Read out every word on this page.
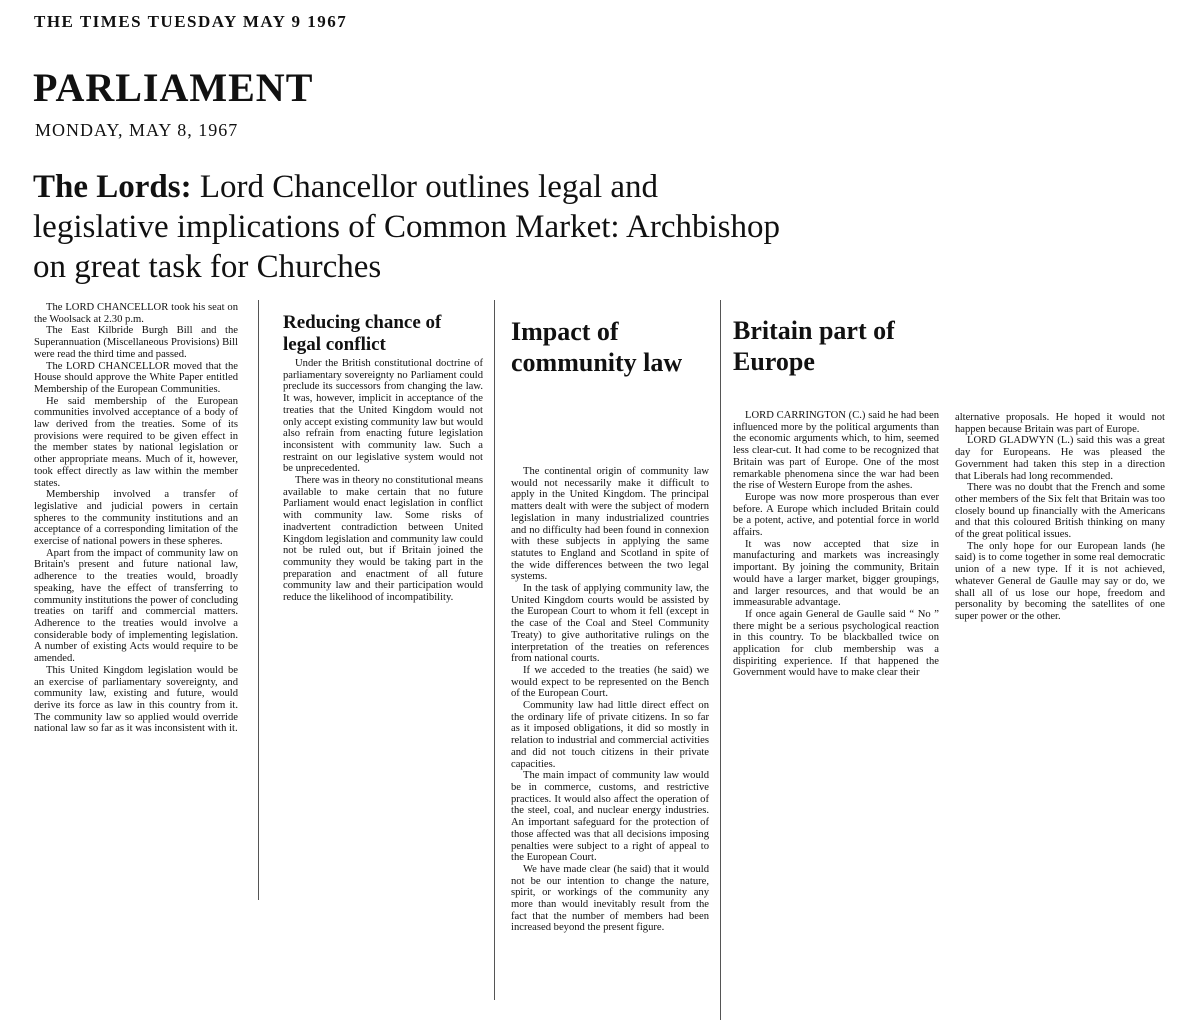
THE TIMES TUESDAY MAY 9 1967
PARLIAMENT
MONDAY, MAY 8, 1967
The Lords: Lord Chancellor outlines legal and legislative implications of Common Market: Archbishop on great task for Churches

The LORD CHANCELLOR took his seat on the Woolsack at 2.30 p.m.

The East Kilbride Burgh Bill and the Superannuation (Miscellaneous Provisions) Bill were read the third time and passed.

The LORD CHANCELLOR moved that the House should approve the White Paper entitled Membership of the European Communities.

He said membership of the European communities involved acceptance of a body of law derived from the treaties. Some of its provisions were required to be given effect in the member states by national legislation or other appropriate means. Much of it, however, took effect directly as law within the member states.

Membership involved a transfer of legislative and judicial powers in certain spheres to the community institutions and an acceptance of a corresponding limitation of the exercise of national powers in these spheres.

Apart from the impact of community law on Britain's present and future national law, adherence to the treaties would, broadly speaking, have the effect of transferring to community institutions the power of concluding treaties on tariff and commercial matters. Adherence to the treaties would involve a considerable body of implementing legislation. A number of existing Acts would require to be amended.

This United Kingdom legislation would be an exercise of parliamentary sovereignty, and community law, existing and future, would derive its force as law in this country from it. The community law so applied would override national law so far as it was inconsistent with it.

Reducing chance of legal conflict

Under the British constitutional doctrine of parliamentary sovereignty no Parliament could preclude its successors from changing the law. It was, however, implicit in acceptance of the treaties that the United Kingdom would not only accept existing community law but would also refrain from enacting future legislation inconsistent with community law. Such a restraint on our legislative system would not be unprecedented.

There was in theory no constitutional means available to make certain that no future Parliament would enact legislation in conflict with community law. Some risks of inadvertent contradiction between United Kingdom legislation and community law could not be ruled out, but if Britain joined the community they would be taking part in the preparation and enactment of all future community law and their participation would reduce the likelihood of incompatibility.

Impact of community law

The continental origin of community law would not necessarily make it difficult to apply in the United Kingdom. The principal matters dealt with were the subject of modern legislation in many industrialized countries and no difficulty had been found in connexion with these subjects in applying the same statutes to England and Scotland in spite of the wide differences between the two legal systems.

In the task of applying community law, the United Kingdom courts would be assisted by the European Court to whom it fell (except in the case of the Coal and Steel Community Treaty) to give authoritative rulings on the interpretation of the treaties on references from national courts.

If we acceded to the treaties (he said) we would expect to be represented on the Bench of the European Court.

Community law had little direct effect on the ordinary life of private citizens. In so far as it imposed obligations, it did so mostly in relation to industrial and commercial activities and did not touch citizens in their private capacities.

The main impact of community law would be in commerce, customs, and restrictive practices. It would also affect the operation of the steel, coal, and nuclear energy industries. An important safeguard for the protection of those affected was that all decisions imposing penalties were subject to a right of appeal to the European Court.

We have made clear (he said) that it would not be our intention to change the nature, spirit, or workings of the community any more than would inevitably result from the fact that the number of members had been increased beyond the present figure.

Britain part of Europe

LORD CARRINGTON (C.) said he had been influenced more by the political arguments than the economic arguments which, to him, seemed less clear-cut. It had come to be recognized that Britain was part of Europe. One of the most remarkable phenomena since the war had been the rise of Western Europe from the ashes.

Europe was now more prosperous than ever before. A Europe which included Britain could be a potent, active, and potential force in world affairs.

It was now accepted that size in manufacturing and markets was increasingly important. By joining the community, Britain would have a larger market, bigger groupings, and larger resources, and that would be an immeasurable advantage.

If once again General de Gaulle said “ No ” there might be a serious psychological reaction in this country. To be blackballed twice on application for club membership was a dispiriting experience. If that happened the Government would have to make clear their

alternative proposals. He hoped it would not happen because Britain was part of Europe.

LORD GLADWYN (L.) said this was a great day for Europeans. He was pleased the Government had taken this step in a direction that Liberals had long recommended.

There was no doubt that the French and some other members of the Six felt that Britain was too closely bound up financially with the Americans and that this coloured British thinking on many of the great political issues.

The only hope for our European lands (he said) is to come together in some real democratic union of a new type. If it is not achieved, whatever General de Gaulle may say or do, we shall all of us lose our hope, freedom and personality by becoming the satellites of one super power or the other.
